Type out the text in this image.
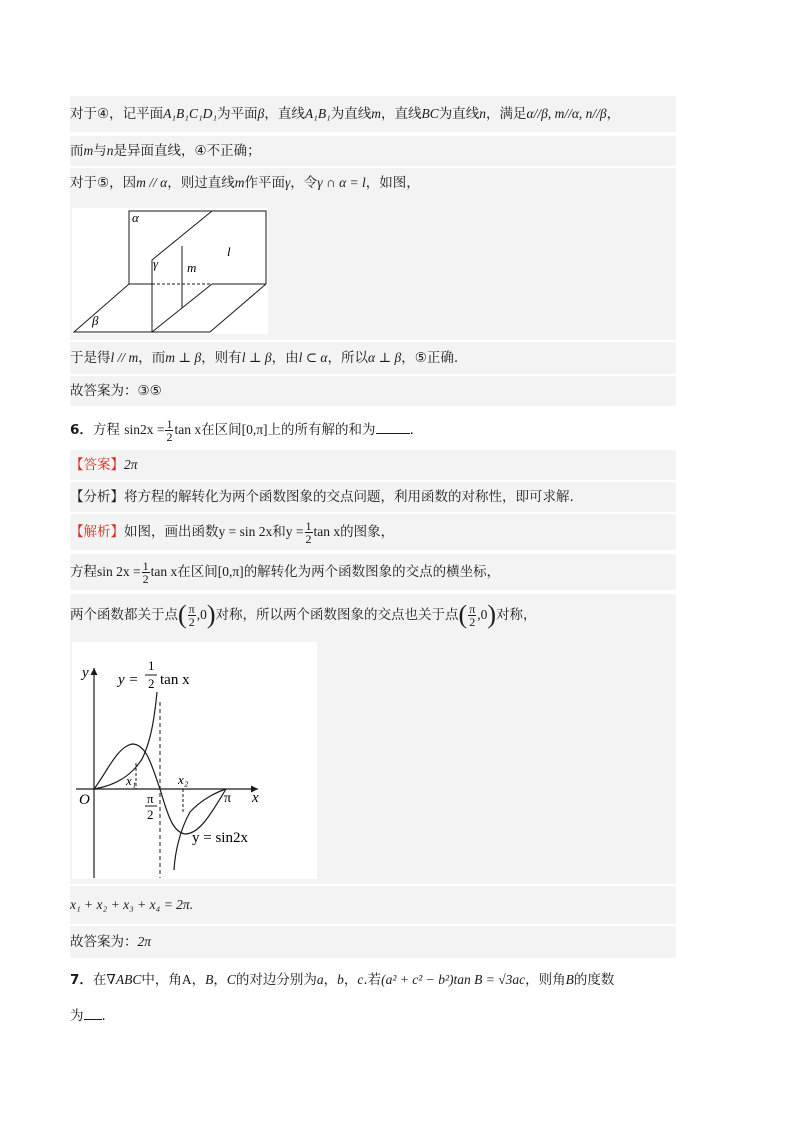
对于④，记平面A₁B₁C₁D₁为平面β，直线A₁B₁为直线m，直线BC为直线n，满足α//β, m//α, n//β，
而m与n是异面直线，④不正确；
对于⑤，因m // α，则过直线m作平面γ，令γ ∩ α = l，如图，
α
β
γ m
l
于是得l // m，而m ⊥ β，则有l ⊥ β，由l ⊂ α，所以α ⊥ β，⑤正确.
故答案为：③⑤
6．方程 $\sin 2x = \frac{1}{2}$ tan x在区间[0,π]上的所有解的和为	.
【答案】2π
【分析】将方程的解转化为两个函数图象的交点问题，利用函数的对称性，即可求解.
【解析】如图，画出函数y = sin 2x和$y = \frac{1}{2}$ tan x的图象，
方程$\sin 2x = \frac{1}{2}$ tan x在区间[0,π]的解转化为两个函数图象的交点的横坐标，
两个函数都关于点( $\frac{\pi}{2} ,0$)对称，所以两个函数图象的交点也关于点( $\frac{\pi}{2} ,0$)对称，
y
x
O
y =
1
2 tan x
y = sin2x
x₁	x₂
π
π
2
x₁ + x₂ + x₃ + x₄ = 2π.
故答案为：2π
7．在∇ABC中，角A，B，C的对边分别为a，b，c.若(a² + c² − b²)tan B = √3ac，则角B的度数
为 .
